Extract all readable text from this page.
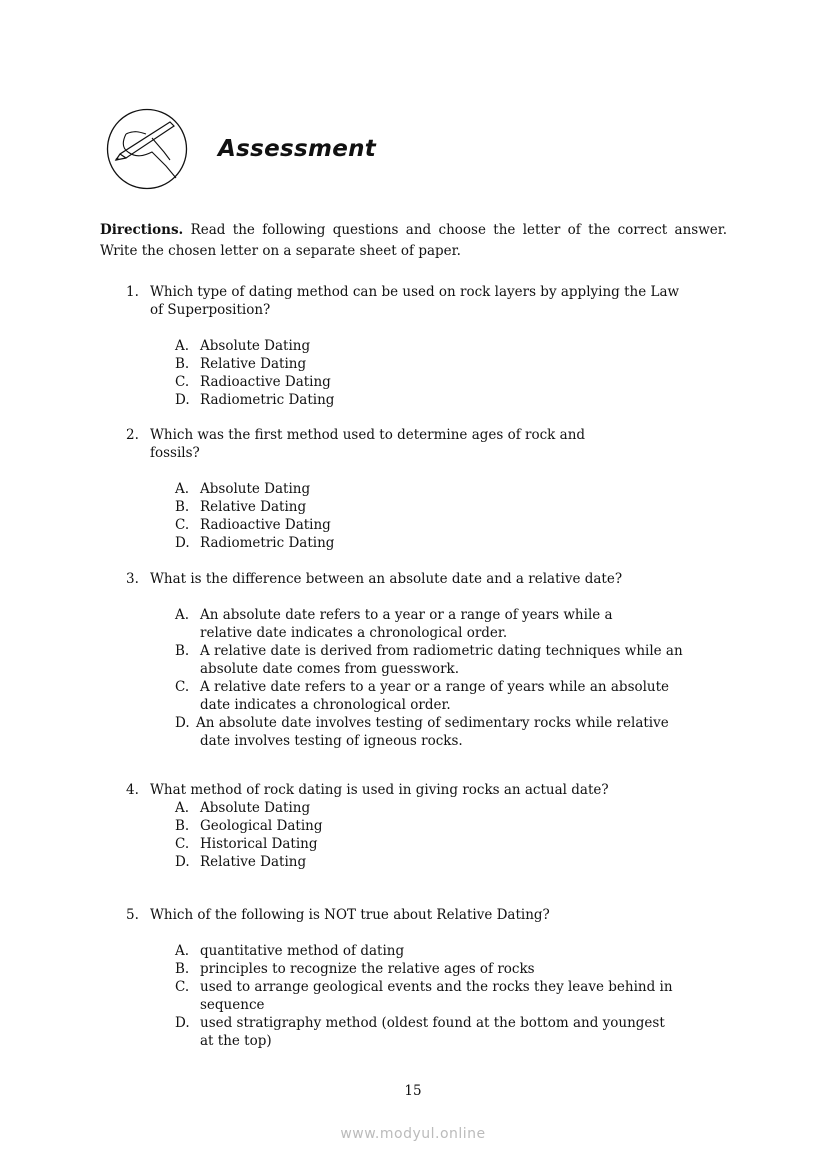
Assessment
Directions. Read the following questions and choose the letter of the correct answer. Write the chosen letter on a separate sheet of paper.
1. Which type of dating method can be used on rock layers by applying the Law
of Superposition?
A. Absolute Dating
B. Relative Dating
C. Radioactive Dating
D. Radiometric Dating
2. Which was the first method used to determine ages of rock and
fossils?
A. Absolute Dating
B. Relative Dating
C. Radioactive Dating
D. Radiometric Dating
3. What is the difference between an absolute date and a relative date?
A. An absolute date refers to a year or a range of years while a
relative date indicates a chronological order.
B. A relative date is derived from radiometric dating techniques while an
absolute date comes from guesswork.
C. A relative date refers to a year or a range of years while an absolute
date indicates a chronological order.
D. An absolute date involves testing of sedimentary rocks while relative
date involves testing of igneous rocks.
4. What method of rock dating is used in giving rocks an actual date?
A. Absolute Dating
B. Geological Dating
C. Historical Dating
D. Relative Dating
5. Which of the following is NOT true about Relative Dating?
A. quantitative method of dating
B. principles to recognize the relative ages of rocks
C. used to arrange geological events and the rocks they leave behind in
sequence
D. used stratigraphy method (oldest found at the bottom and youngest
at the top)
15
www.modyul.online
